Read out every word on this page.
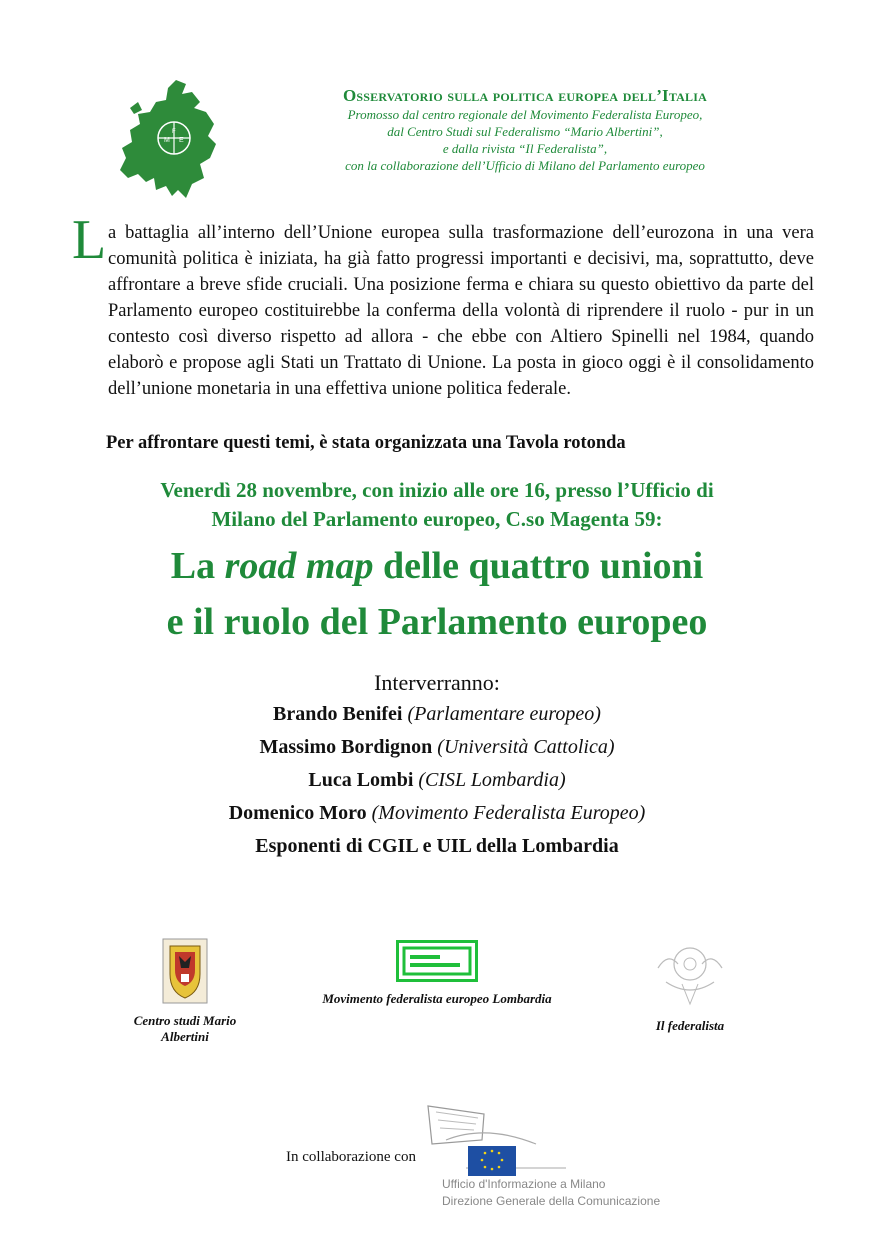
M E
F
Osservatorio sulla politica europea dell’Italia
Promosso dal centro regionale del Movimento Federalista Europeo,
dal Centro Studi sul Federalismo “Mario Albertini”,
e dalla rivista “Il Federalista”,
con la collaborazione dell’Ufficio di Milano del Parlamento europeo
L a battaglia all’interno dell’Unione europea sulla trasformazione dell’eurozona in una vera comunità politica è iniziata, ha già fatto progressi importanti e decisivi, ma, soprattutto, deve affrontare a breve sfide cruciali. Una posizione ferma e chiara su questo obiettivo da parte del Parlamento europeo costituirebbe la conferma della volontà di riprendere il ruolo - pur in un contesto così diverso rispetto ad allora - che ebbe con Altiero Spinelli nel 1984, quando elaborò e propose agli Stati un Trattato di Unione. La posta in gioco oggi è il consolidamento dell’unione monetaria in una effettiva unione politica federale.

Per affrontare questi temi, è stata organizzata una Tavola rotonda
Venerdì 28 novembre, con inizio alle ore 16, presso l’Ufficio di
Milano del Parlamento europeo, C.so Magenta 59:
La road map delle quattro unioni
e il ruolo del Parlamento europeo
Interverranno:
Brando Benifei (Parlamentare europeo)
Massimo Bordignon (Università Cattolica)
Luca Lombi (CISL Lombardia)
Domenico Moro (Movimento Federalista Europeo)
Esponenti di CGIL e UIL della Lombardia
Centro studi Mario Albertini
Movimento federalista europeo Lombardia
Il federalista
In collaborazione con
Ufficio d'Informazione a Milano
Direzione Generale della Comunicazione
